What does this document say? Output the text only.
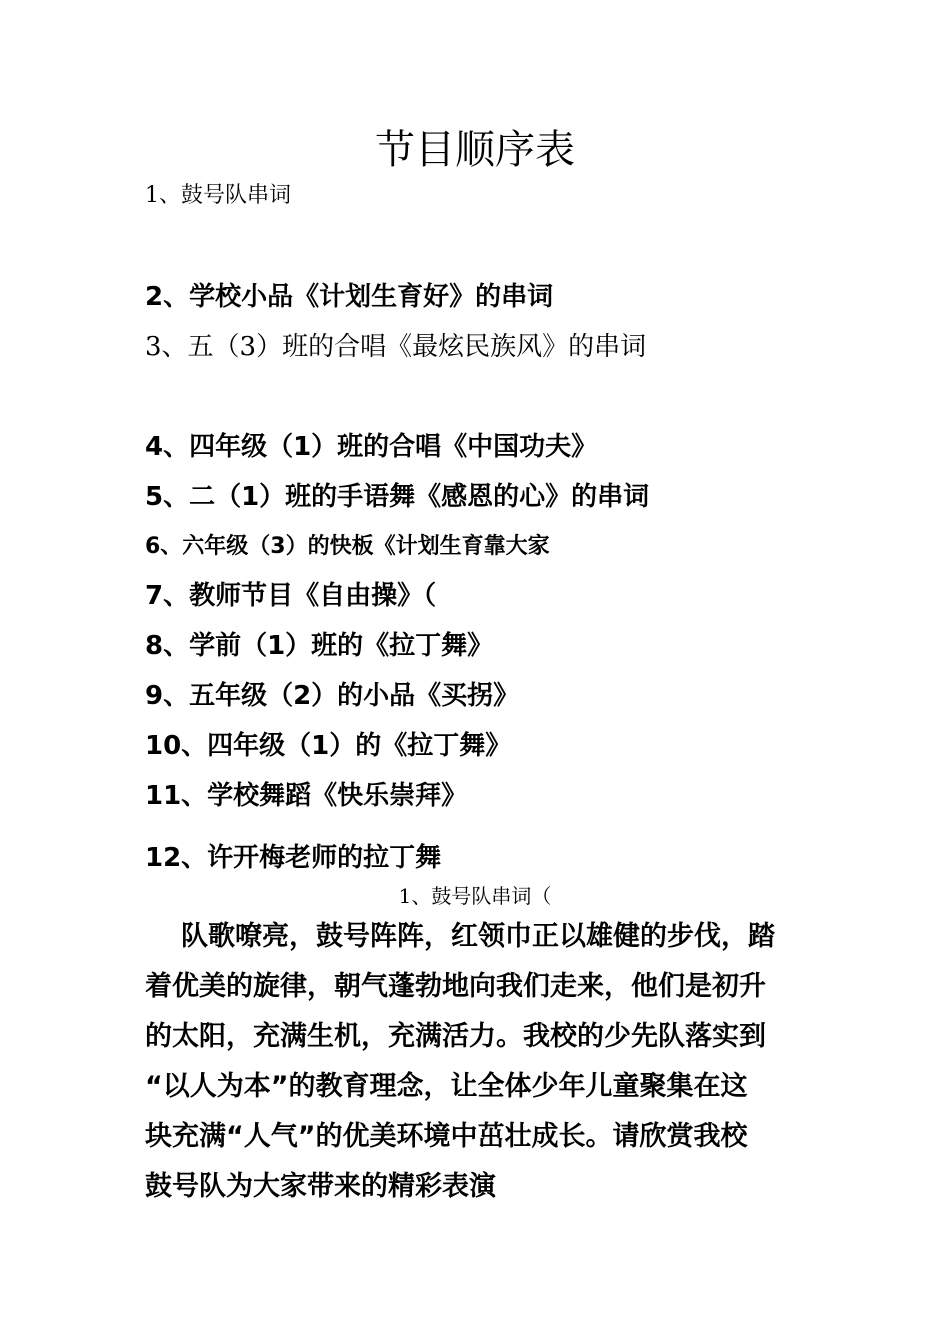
节目顺序表
1、鼓号队串词
2、学校小品《计划生育好》的串词
3、五（3）班的合唱《最炫民族风》的串词
4、四年级（1）班的合唱《中国功夫》
5、二（1）班的手语舞《感恩的心》的串词
6、六年级（3）的快板《计划生育靠大家
7、教师节目《自由操》（
8、学前（1）班的《拉丁舞》
9、五年级（2）的小品《买拐》
10、四年级（1）的《拉丁舞》
11、学校舞蹈《快乐崇拜》
12、许开梅老师的拉丁舞
1、鼓号队串词（
队歌嘹亮，鼓号阵阵，红领巾正以雄健的步伐，踏
着优美的旋律，朝气蓬勃地向我们走来，他们是初升
的太阳，充满生机，充满活力。我校的少先队落实到
“以人为本”的教育理念，让全体少年儿童聚集在这
块充满“人气”的优美环境中茁壮成长。请欣赏我校
鼓号队为大家带来的精彩表演
